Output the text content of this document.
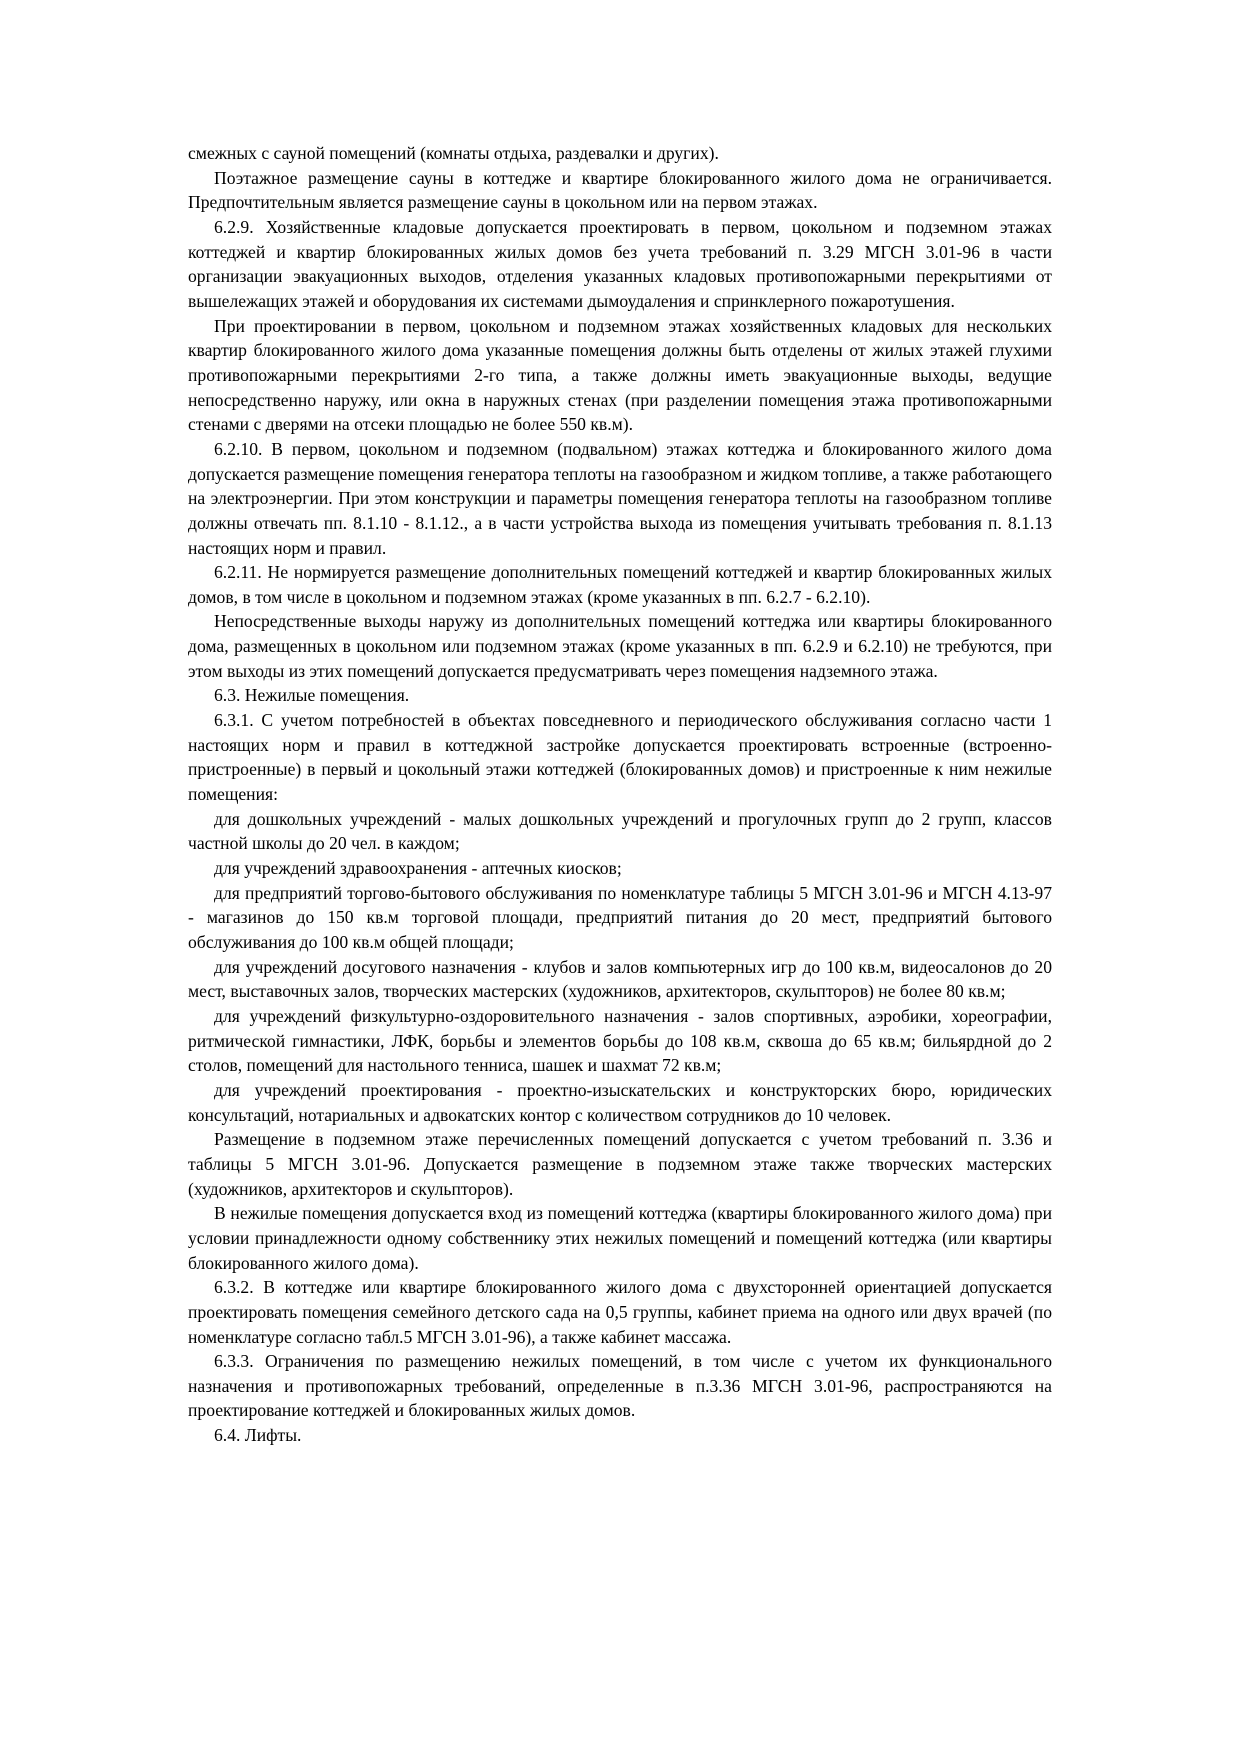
смежных с сауной помещений (комнаты отдыха, раздевалки и других).

Поэтажное размещение сауны в коттедже и квартире блокированного жилого дома не ограничивается. Предпочтительным является размещение сауны в цокольном или на первом этажах.

6.2.9. Хозяйственные кладовые допускается проектировать в первом, цокольном и подземном этажах коттеджей и квартир блокированных жилых домов без учета требований п. 3.29 МГСН 3.01-96 в части организации эвакуационных выходов, отделения указанных кладовых противопожарными перекрытиями от вышележащих этажей и оборудования их системами дымоудаления и спринклерного пожаротушения.

При проектировании в первом, цокольном и подземном этажах хозяйственных кладовых для нескольких квартир блокированного жилого дома указанные помещения должны быть отделены от жилых этажей глухими противопожарными перекрытиями 2-го типа, а также должны иметь эвакуационные выходы, ведущие непосредственно наружу, или окна в наружных стенах (при разделении помещения этажа противопожарными стенами с дверями на отсеки площадью не более 550 кв.м).

6.2.10. В первом, цокольном и подземном (подвальном) этажах коттеджа и блокированного жилого дома допускается размещение помещения генератора теплоты на газообразном и жидком топливе, а также работающего на электроэнергии. При этом конструкции и параметры помещения генератора теплоты на газообразном топливе должны отвечать пп. 8.1.10 - 8.1.12., а в части устройства выхода из помещения учитывать требования п. 8.1.13 настоящих норм и правил.

6.2.11. Не нормируется размещение дополнительных помещений коттеджей и квартир блокированных жилых домов, в том числе в цокольном и подземном этажах (кроме указанных в пп. 6.2.7 - 6.2.10).

Непосредственные выходы наружу из дополнительных помещений коттеджа или квартиры блокированного дома, размещенных в цокольном или подземном этажах (кроме указанных в пп. 6.2.9 и 6.2.10) не требуются, при этом выходы из этих помещений допускается предусматривать через помещения надземного этажа.

6.3. Нежилые помещения.

6.3.1. С учетом потребностей в объектах повседневного и периодического обслуживания согласно части 1 настоящих норм и правил в коттеджной застройке допускается проектировать встроенные (встроенно-пристроенные) в первый и цокольный этажи коттеджей (блокированных домов) и пристроенные к ним нежилые помещения:

для дошкольных учреждений - малых дошкольных учреждений и прогулочных групп до 2 групп, классов частной школы до 20 чел. в каждом;

для учреждений здравоохранения - аптечных киосков;

для предприятий торгово-бытового обслуживания по номенклатуре таблицы 5 МГСН 3.01-96 и МГСН 4.13-97 - магазинов до 150 кв.м торговой площади, предприятий питания до 20 мест, предприятий бытового обслуживания до 100 кв.м общей площади;

для учреждений досугового назначения - клубов и залов компьютерных игр до 100 кв.м, видеосалонов до 20 мест, выставочных залов, творческих мастерских (художников, архитекторов, скульпторов) не более 80 кв.м;

для учреждений физкультурно-оздоровительного назначения - залов спортивных, аэробики, хореографии, ритмической гимнастики, ЛФК, борьбы и элементов борьбы до 108 кв.м, сквоша до 65 кв.м; бильярдной до 2 столов, помещений для настольного тенниса, шашек и шахмат 72 кв.м;

для учреждений проектирования - проектно-изыскательских и конструкторских бюро, юридических консультаций, нотариальных и адвокатских контор с количеством сотрудников до 10 человек.

Размещение в подземном этаже перечисленных помещений допускается с учетом требований п. 3.36 и таблицы 5 МГСН 3.01-96. Допускается размещение в подземном этаже также творческих мастерских (художников, архитекторов и скульпторов).

В нежилые помещения допускается вход из помещений коттеджа (квартиры блокированного жилого дома) при условии принадлежности одному собственнику этих нежилых помещений и помещений коттеджа (или квартиры блокированного жилого дома).

6.3.2. В коттедже или квартире блокированного жилого дома с двухсторонней ориентацией допускается проектировать помещения семейного детского сада на 0,5 группы, кабинет приема на одного или двух врачей (по номенклатуре согласно табл.5 МГСН 3.01-96), а также кабинет массажа.

6.3.3. Ограничения по размещению нежилых помещений, в том числе с учетом их функционального назначения и противопожарных требований, определенные в п.3.36 МГСН 3.01-96, распространяются на проектирование коттеджей и блокированных жилых домов.

6.4. Лифты.
